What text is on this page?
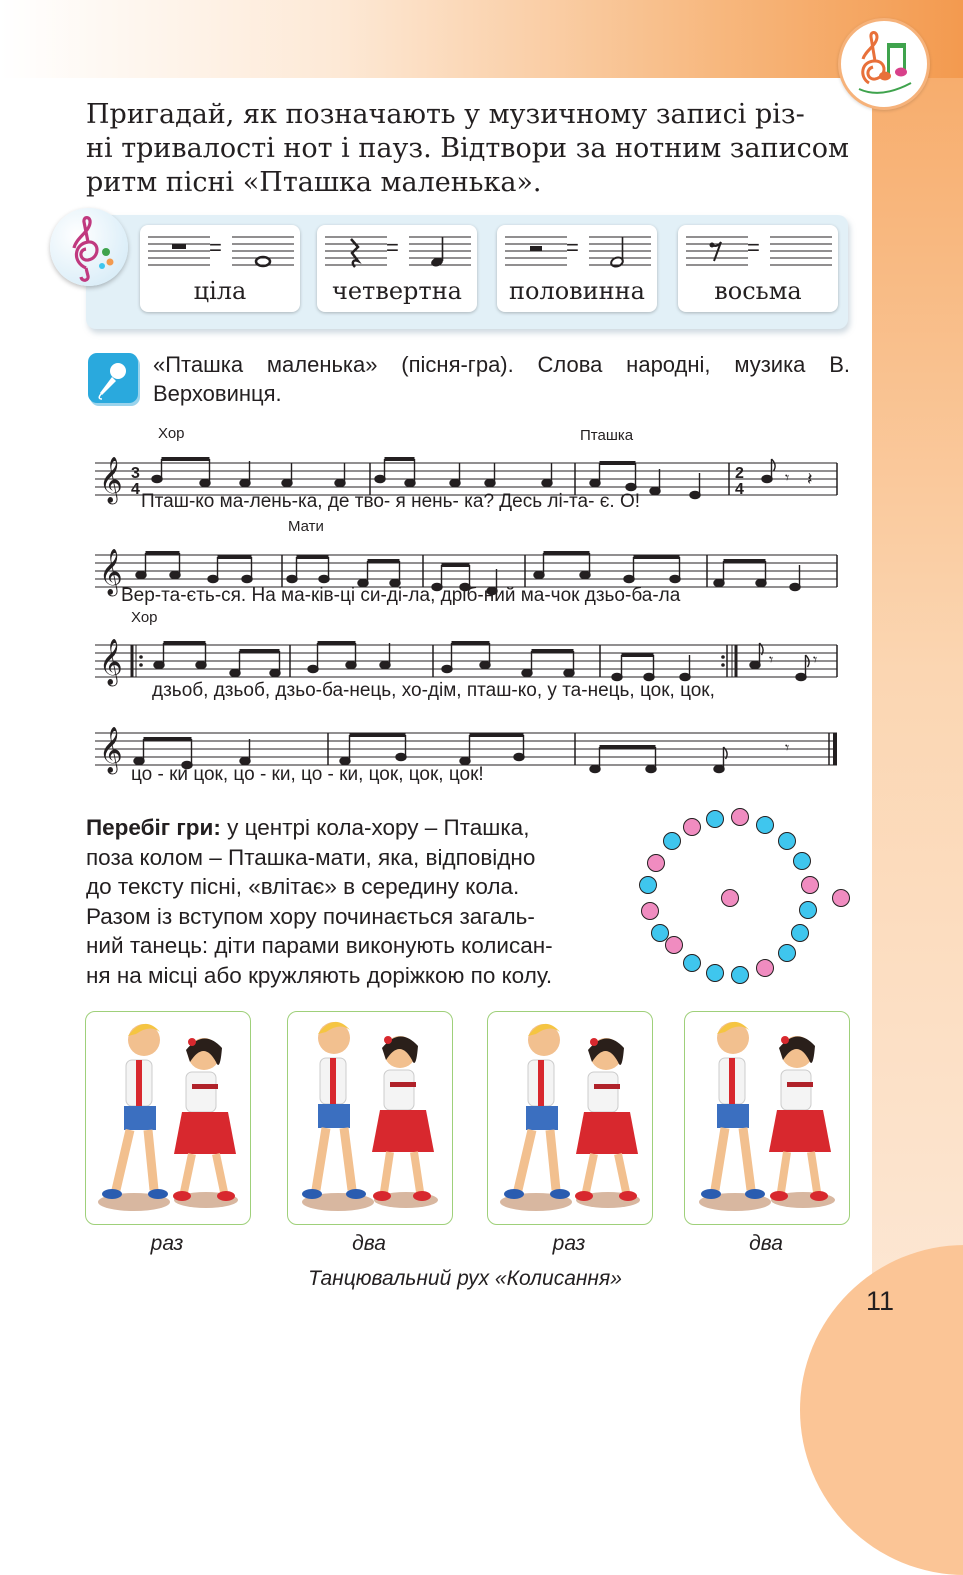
Пригадай, як позначають у музичному записі різ-
ні тривалості нот і пауз. Відтвори за нотним записом
ритм пісні «Пташка маленька».
=
ціла
=
четвертна
=
половинна
=
восьма
«Пташка маленька» (пісня-гра). Слова народні, музика В. Верховинця.
Хор	Пташка
𝄞 3
4
2
4
𝄾 𝄽
Пташ-ко ма-лень-ка, де тво- я нень- ка? Десь лі-та- є. О!
Мати
𝄞
Вер-та-єть-ся. На ма-ків-ці си-ді-ла, дріб-ний ма-чок дзьо-ба-ла
Хор
𝄞	𝄾 𝄾
дзьоб, дзьоб, дзьо-ба-нець, хо-дім, пташ-ко, у та-нець, цок, цок,
𝄞	𝄾
цо - ки цок, цо - ки, цо - ки, цок, цок, цок!
Перебіг гри: у центрі кола-хору – Пташка,
поза колом – Пташка-мати, яка, відповідно
до тексту пісні, «влітає» в середину кола.
Разом із вступом хору починається загаль-
ний танець: діти парами виконують колисан-
ня на місці або кружляють доріжкою по колу.
раз	два	раз	два
Танцювальний рух «Колисання»
11
